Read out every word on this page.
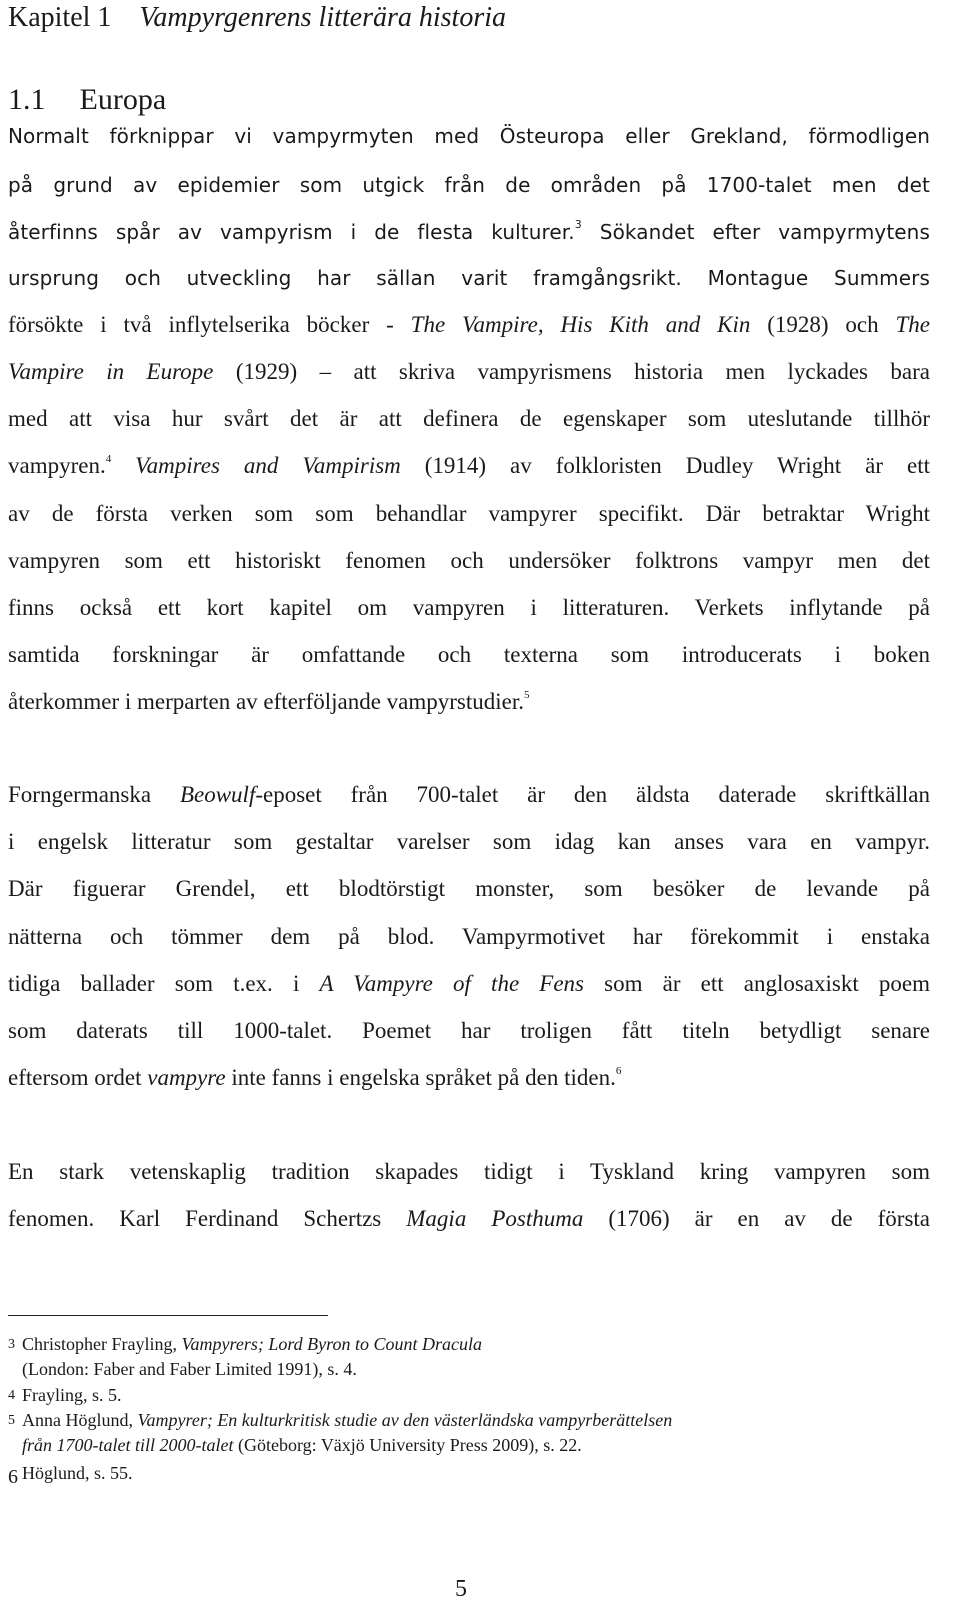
Kapitel 1 Vampyrgenrens litterära historia
1.1 Europa
Normalt förknippar vi vampyrmyten med Östeuropa eller Grekland, förmodligen
på grund av epidemier som utgick från de områden på 1700-talet men det
återfinns spår av vampyrism i de flesta kulturer.$^3$ Sökandet efter vampyrmytens
ursprung och utveckling har sällan varit framgångsrikt. Montague Summers
försökte i två inflytelserika böcker - The Vampire, His Kith and Kin (1928) och The
Vampire in Europe (1929) – att skriva vampyrismens historia men lyckades bara
med att visa hur svårt det är att definera de egenskaper som uteslutande tillhör
vampyren.$^4$ Vampires and Vampirism (1914) av folkloristen Dudley Wright är ett
av de första verken som som behandlar vampyrer specifikt. Där betraktar Wright
vampyren som ett historiskt fenomen och undersöker folktrons vampyr men det
finns också ett kort kapitel om vampyren i litteraturen. Verkets inflytande på
samtida forskningar är omfattande och texterna som introducerats i boken
återkommer i merparten av efterföljande vampyrstudier.$^5$
Forngermanska Beowulf-eposet från 700-talet är den äldsta daterade skriftkällan
i engelsk litteratur som gestaltar varelser som idag kan anses vara en vampyr.
Där figuerar Grendel, ett blodtörstigt monster, som besöker de levande på
nätterna och tömmer dem på blod. Vampyrmotivet har förekommit i enstaka
tidiga ballader som t.ex. i A Vampyre of the Fens som är ett anglosaxiskt poem
som daterats till 1000-talet. Poemet har troligen fått titeln betydligt senare
eftersom ordet vampyre inte fanns i engelska språket på den tiden.$^6$
En stark vetenskaplig tradition skapades tidigt i Tyskland kring vampyren som
fenomen. Karl Ferdinand Schertzs Magia Posthuma (1706) är en av de första
3 Christopher Frayling, Vampyrers; Lord Byron to Count Dracula
(London: Faber and Faber Limited 1991), s. 4.
4 Frayling, s. 5.
5 Anna Höglund, Vampyrer; En kulturkritisk studie av den västerländska vampyrberättelsen
från 1700-talet till 2000-talet (Göteborg: Växjö University Press 2009), s. 22.
6 Höglund, s. 55.
5
